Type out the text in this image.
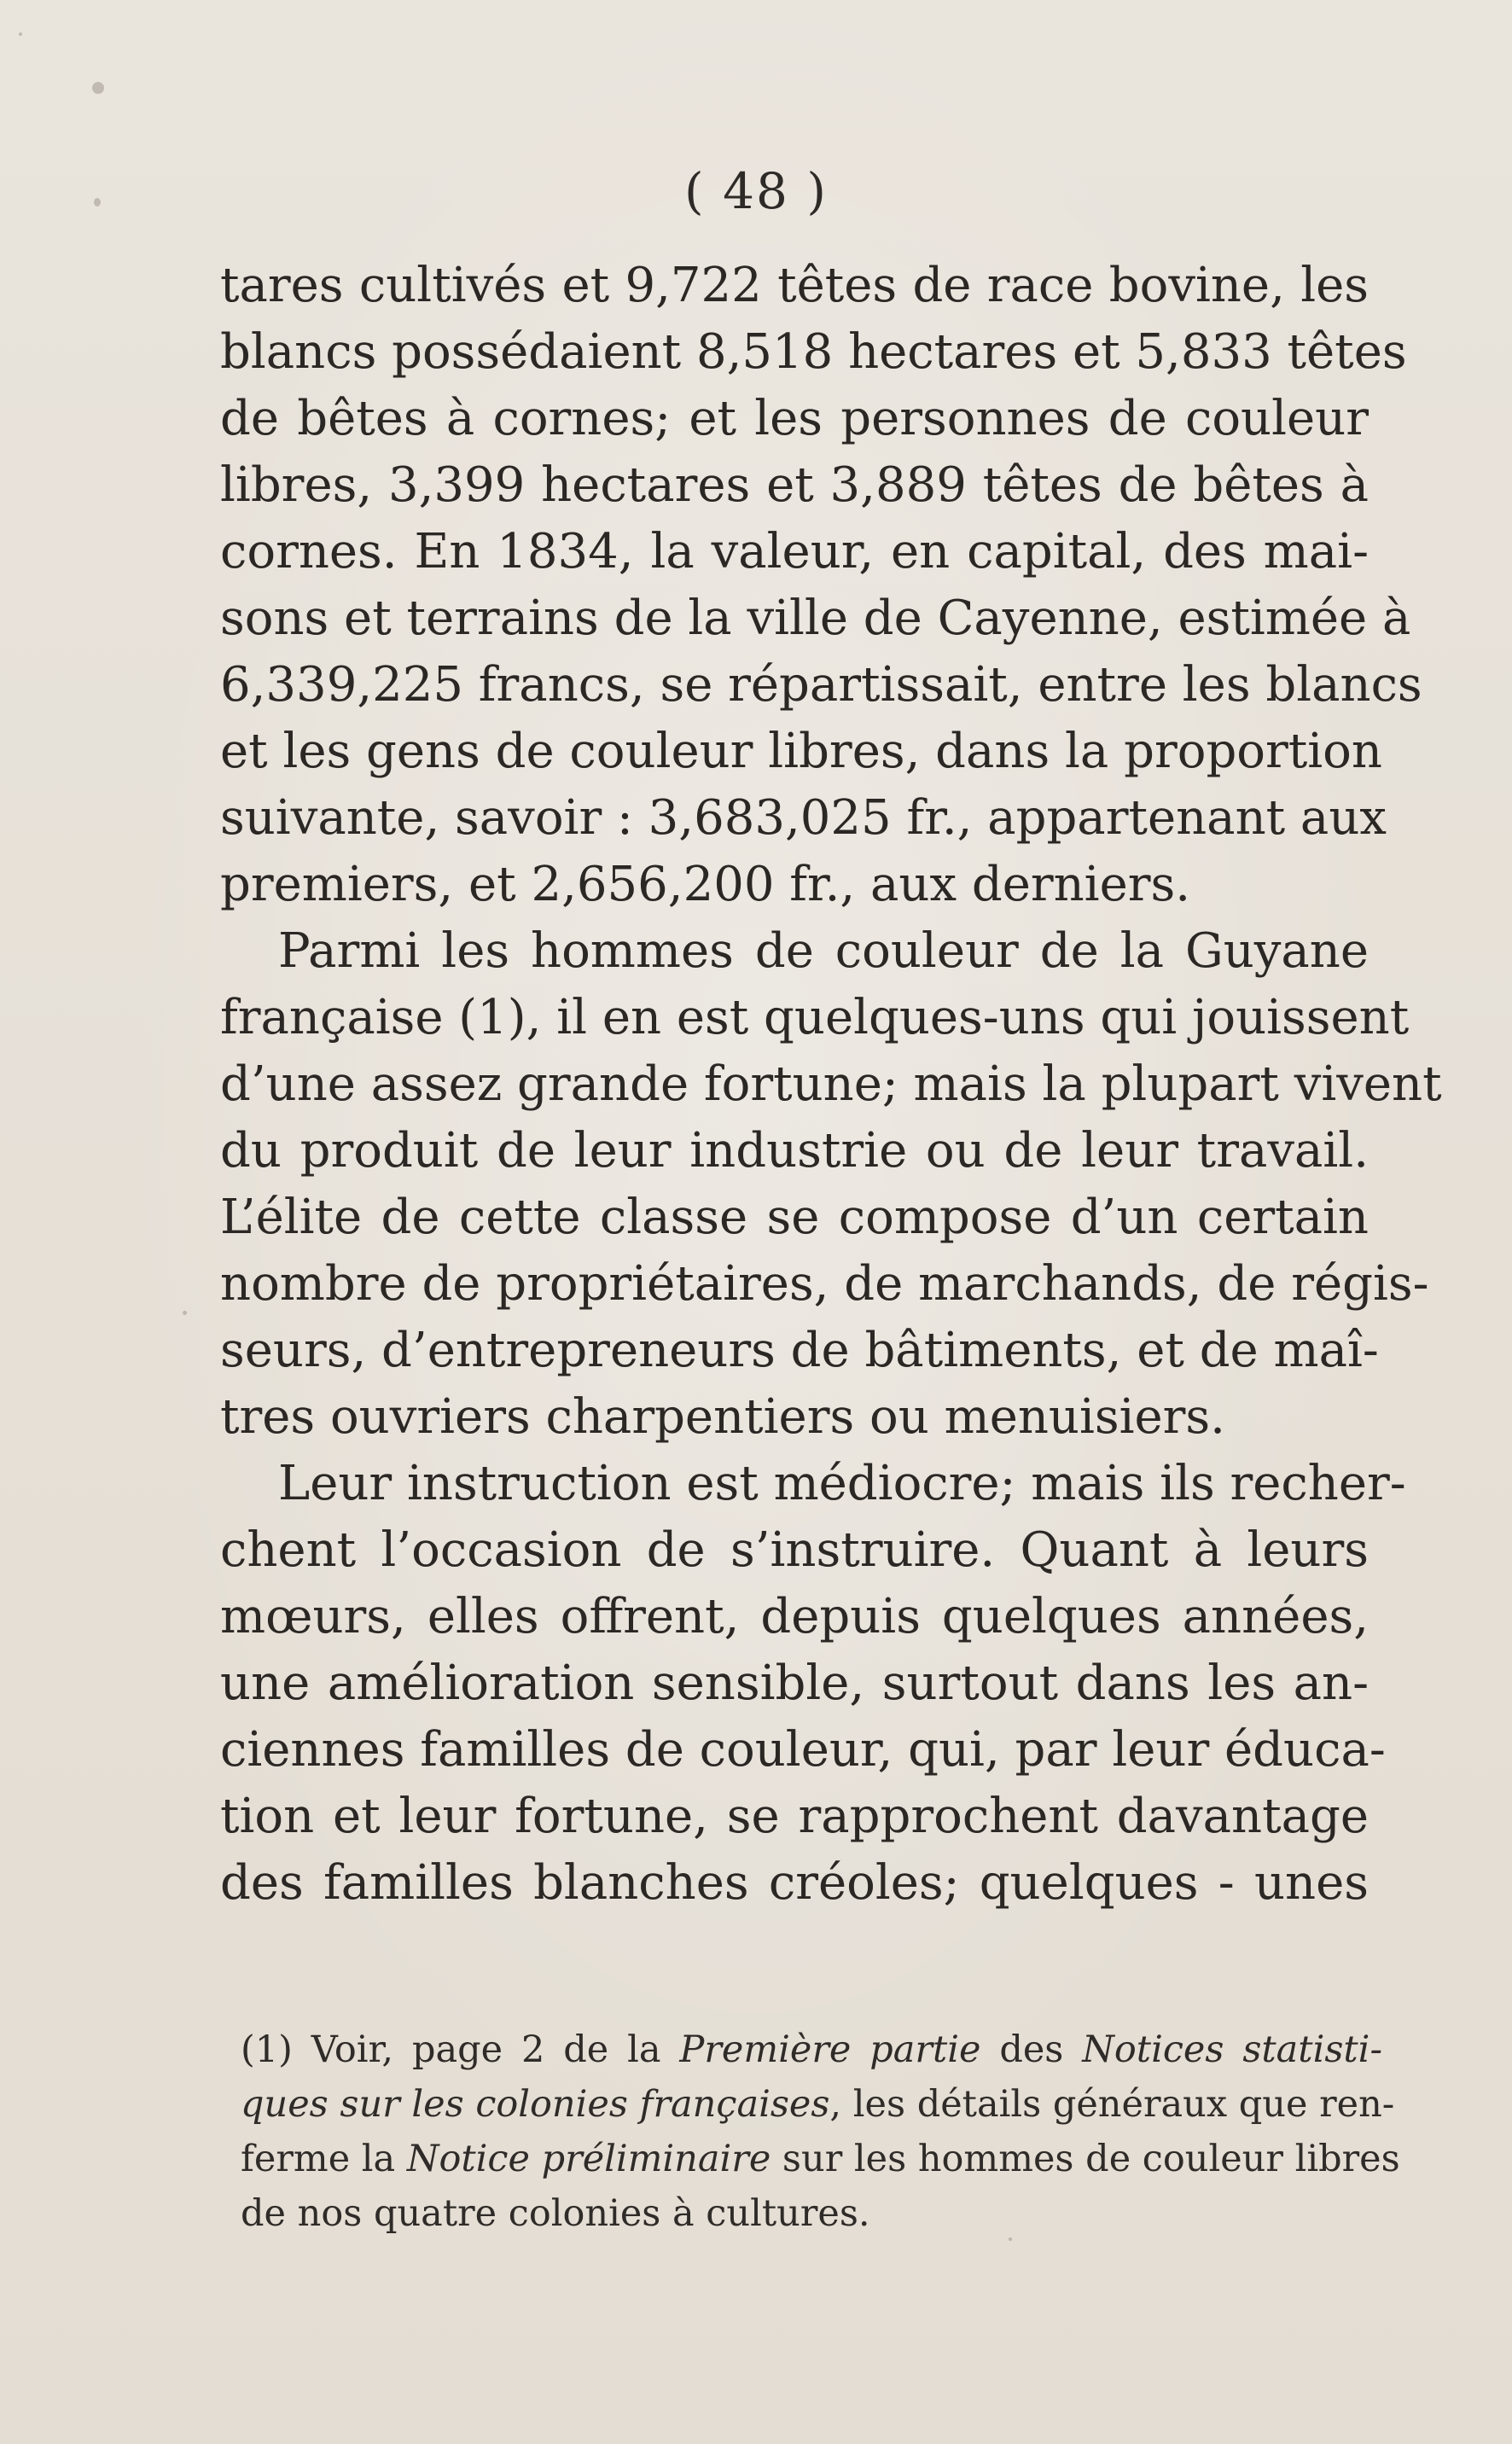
( 48 )
tares cultivés et 9,722 têtes de race bovine, les
blancs possédaient 8,518 hectares et 5,833 têtes
de bêtes à cornes; et les personnes de couleur
libres, 3,399 hectares et 3,889 têtes de bêtes à
cornes. En 1834, la valeur, en capital, des mai-
sons et terrains de la ville de Cayenne, estimée à
6,339,225 francs, se répartissait, entre les blancs
et les gens de couleur libres, dans la proportion
suivante, savoir : 3,683,025 fr., appartenant aux
premiers, et 2,656,200 fr., aux derniers.
Parmi les hommes de couleur de la Guyane
française (1), il en est quelques-uns qui jouissent
d’une assez grande fortune; mais la plupart vivent
du produit de leur industrie ou de leur travail.
L’élite de cette classe se compose d’un certain
nombre de propriétaires, de marchands, de régis-
seurs, d’entrepreneurs de bâtiments, et de maî-
tres ouvriers charpentiers ou menuisiers.
Leur instruction est médiocre; mais ils recher-
chent l’occasion de s’instruire. Quant à leurs
mœurs, elles offrent, depuis quelques années,
une amélioration sensible, surtout dans les an-
ciennes familles de couleur, qui, par leur éduca-
tion et leur fortune, se rapprochent davantage
des familles blanches créoles; quelques - unes
(1) Voir, page 2 de la Première partie des Notices statisti-
ques sur les colonies françaises, les détails généraux que ren-
ferme la Notice préliminaire sur les hommes de couleur libres
de nos quatre colonies à cultures.
